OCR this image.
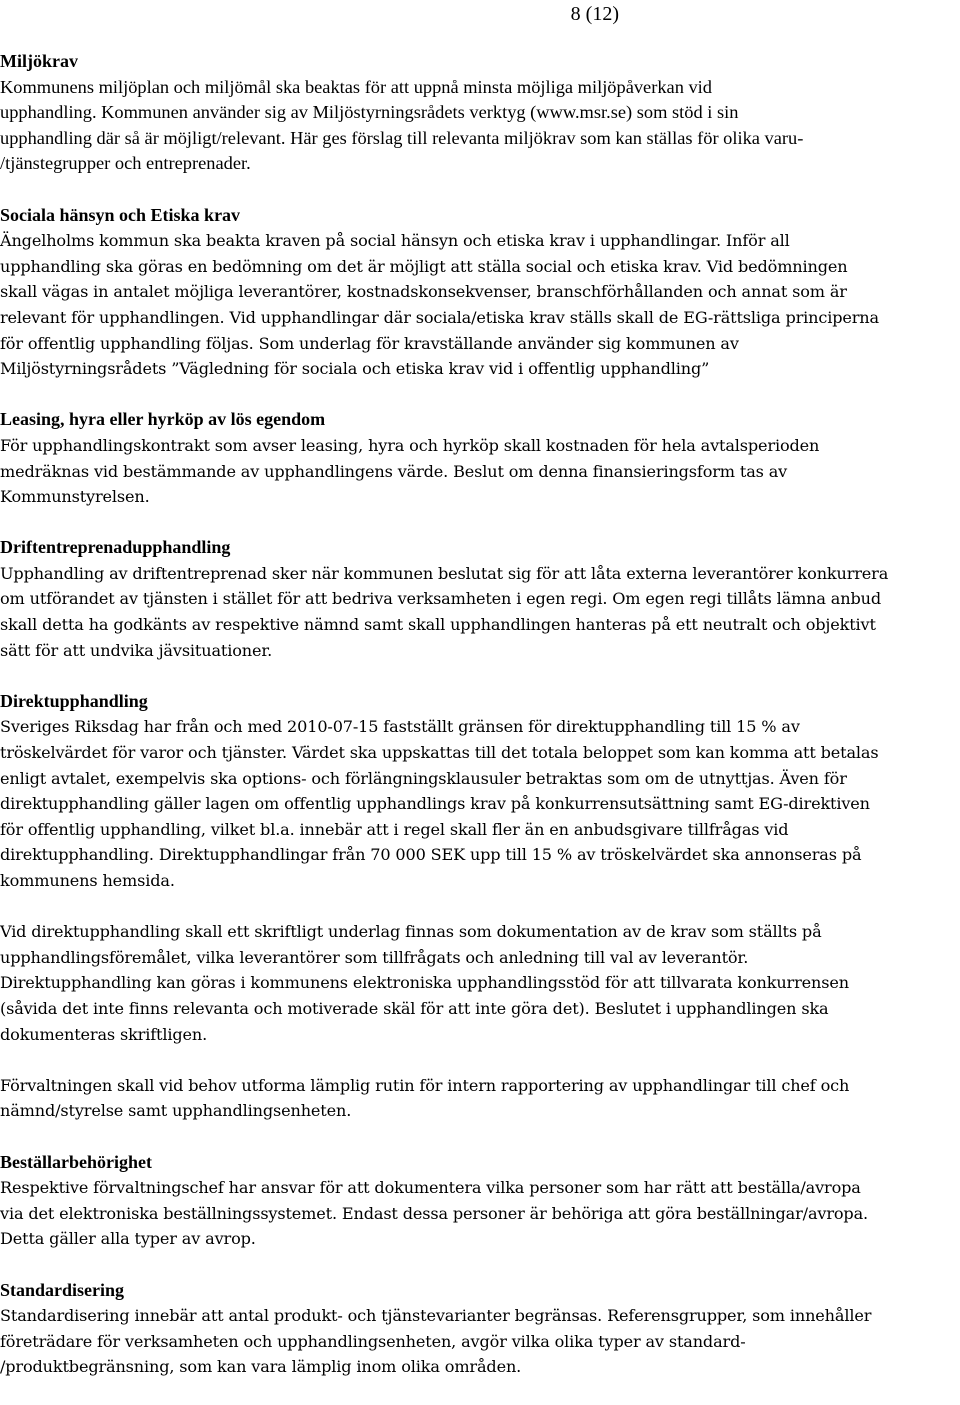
8 (12)
Miljökrav
Kommunens miljöplan och miljömål ska beaktas för att uppnå minsta möjliga miljöpåverkan vid
upphandling. Kommunen använder sig av Miljöstyrningsrådets verktyg (www.msr.se) som stöd i sin
upphandling där så är möjligt/relevant. Här ges förslag till relevanta miljökrav som kan ställas för olika varu-
/tjänstegrupper och entreprenader.
Sociala hänsyn och Etiska krav
Ängelholms kommun ska beakta kraven på social hänsyn och etiska krav i upphandlingar. Inför all
upphandling ska göras en bedömning om det är möjligt att ställa social och etiska krav. Vid bedömningen
skall vägas in antalet möjliga leverantörer, kostnadskonsekvenser, branschförhållanden och annat som är
relevant för upphandlingen. Vid upphandlingar där sociala/etiska krav ställs skall de EG-rättsliga principerna
för offentlig upphandling följas. Som underlag för kravställande använder sig kommunen av
Miljöstyrningsrådets ”Vägledning för sociala och etiska krav vid i offentlig upphandling”
Leasing, hyra eller hyrköp av lös egendom
För upphandlingskontrakt som avser leasing, hyra och hyrköp skall kostnaden för hela avtalsperioden
medräknas vid bestämmande av upphandlingens värde. Beslut om denna finansieringsform tas av
Kommunstyrelsen.
Driftentreprenadupphandling
Upphandling av driftentreprenad sker när kommunen beslutat sig för att låta externa leverantörer konkurrera
om utförandet av tjänsten i stället för att bedriva verksamheten i egen regi. Om egen regi tillåts lämna anbud
skall detta ha godkänts av respektive nämnd samt skall upphandlingen hanteras på ett neutralt och objektivt
sätt för att undvika jävsituationer.
Direktupphandling
Sveriges Riksdag har från och med 2010-07-15 fastställt gränsen för direktupphandling till 15 % av
tröskelvärdet för varor och tjänster. Värdet ska uppskattas till det totala beloppet som kan komma att betalas
enligt avtalet, exempelvis ska options- och förlängningsklausuler betraktas som om de utnyttjas. Även för
direktupphandling gäller lagen om offentlig upphandlings krav på konkurrensutsättning samt EG-direktiven
för offentlig upphandling, vilket bl.a. innebär att i regel skall fler än en anbudsgivare tillfrågas vid
direktupphandling. Direktupphandlingar från 70 000 SEK upp till 15 % av tröskelvärdet ska annonseras på
kommunens hemsida.
Vid direktupphandling skall ett skriftligt underlag finnas som dokumentation av de krav som ställts på
upphandlingsföremålet, vilka leverantörer som tillfrågats och anledning till val av leverantör.
Direktupphandling kan göras i kommunens elektroniska upphandlingsstöd för att tillvarata konkurrensen
(såvida det inte finns relevanta och motiverade skäl för att inte göra det). Beslutet i upphandlingen ska
dokumenteras skriftligen.
Förvaltningen skall vid behov utforma lämplig rutin för intern rapportering av upphandlingar till chef och
nämnd/styrelse samt upphandlingsenheten.
Beställarbehörighet
Respektive förvaltningschef har ansvar för att dokumentera vilka personer som har rätt att beställa/avropa
via det elektroniska beställningssystemet. Endast dessa personer är behöriga att göra beställningar/avropa.
Detta gäller alla typer av avrop.
Standardisering
Standardisering innebär att antal produkt- och tjänstevarianter begränsas. Referensgrupper, som innehåller
företrädare för verksamheten och upphandlingsenheten, avgör vilka olika typer av standard-
/produktbegränsning, som kan vara lämplig inom olika områden.
